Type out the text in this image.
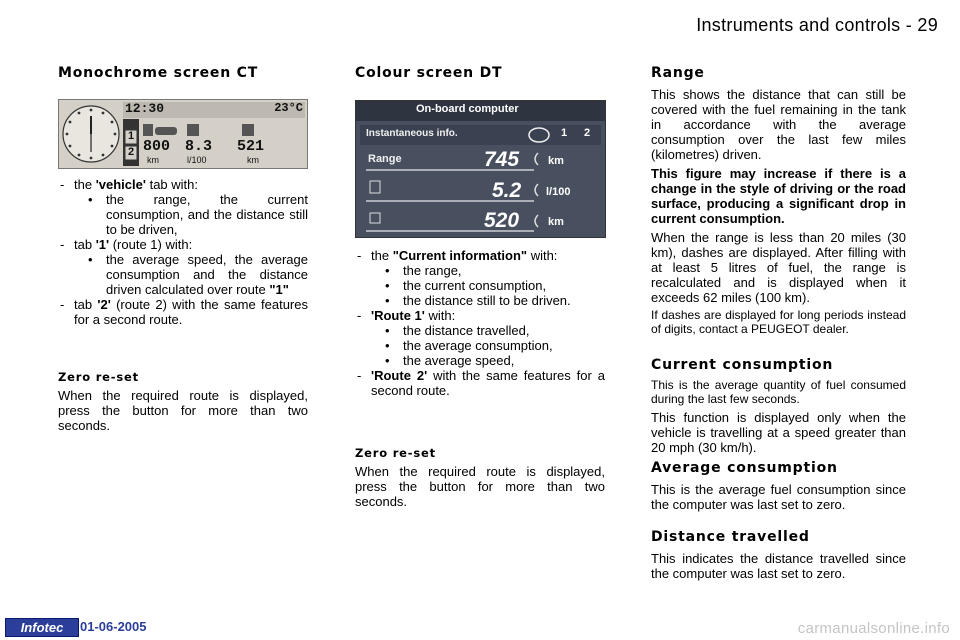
Instruments and controls - 29
Monochrome screen CT
12:30	23°C
1
2 800 8.3 521
km	l/100	km
- the 'vehicle' tab with:
• the range, the current consumption, and the distance still to be driven,
- tab '1' (route 1) with:
• the average speed, the average consumption and the distance driven calculated over route "1"
- tab '2' (route 2) with the same features for a second route.
Zero re-set

When the required route is displayed, press the button for more than two seconds.

Colour screen DT
On-board computer
Instantaneous info.	1 2
Range	745	km
5.2 l/100
520	km
- the "Current information" with:
• the range,
• the current consumption,
• the distance still to be driven.
- 'Route 1' with:
• the distance travelled,
• the average consumption,
• the average speed,
- 'Route 2' with the same features for a second route.
Zero re-set

When the required route is displayed, press the button for more than two seconds.

Range

This shows the distance that can still be covered with the fuel remaining in the tank in accordance with the average consumption over the last few miles (kilometres) driven.

This figure may increase if there is a change in the style of driving or the road surface, producing a significant drop in current consumption.

When the range is less than 20 miles (30 km), dashes are displayed. After filling with at least 5 litres of fuel, the range is recalculated and is displayed when it exceeds 62 miles (100 km).

If dashes are displayed for long periods instead of digits, contact a PEUGEOT dealer.

Current consumption

This is the average quantity of fuel consumed during the last few seconds.

This function is displayed only when the vehicle is travelling at a speed greater than 20 mph (30 km/h).

Average consumption

This is the average fuel consumption since the computer was last set to zero.

Distance travelled

This indicates the distance travelled since the computer was last set to zero.

Infotec	01-06-2005	carmanualsonline.info
